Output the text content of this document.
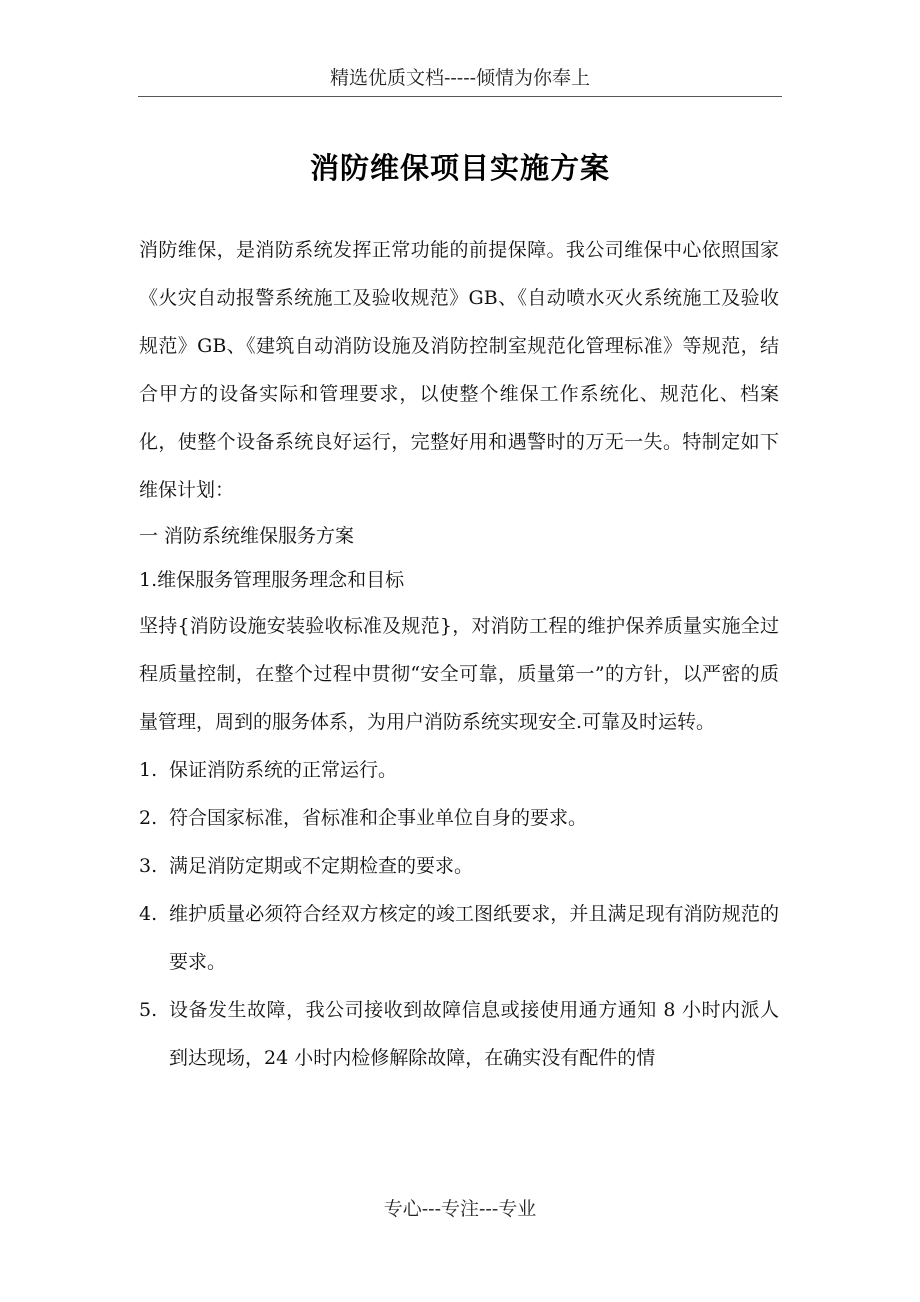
精选优质文档-----倾情为你奉上
消防维保项目实施方案

消防维保，是消防系统发挥正常功能的前提保障。我公司维保中心依照国家《火灾自动报警系统施工及验收规范》GB、《自动喷水灭火系统施工及验收规范》GB、《建筑自动消防设施及消防控制室规范化管理标准》等规范，结合甲方的设备实际和管理要求，以使整个维保工作系统化、规范化、档案化，使整个设备系统良好运行，完整好用和遇警时的万无一失。特制定如下维保计划：

一 消防系统维保服务方案

1.维保服务管理服务理念和目标

坚持{消防设施安装验收标准及规范}，对消防工程的维护保养质量实施全过程质量控制，在整个过程中贯彻“安全可靠，质量第一”的方针，以严密的质量管理，周到的服务体系，为用户消防系统实现安全.可靠及时运转。

1. 保证消防系统的正常运行。
2. 符合国家标准，省标准和企事业单位自身的要求。
3. 满足消防定期或不定期检查的要求。
4. 维护质量必须符合经双方核定的竣工图纸要求，并且满足现有消防规范的要求。
5. 设备发生故障，我公司接收到故障信息或接使用通方通知 8 小时内派人到达现场，24 小时内检修解除故障，在确实没有配件的情
专心---专注---专业
